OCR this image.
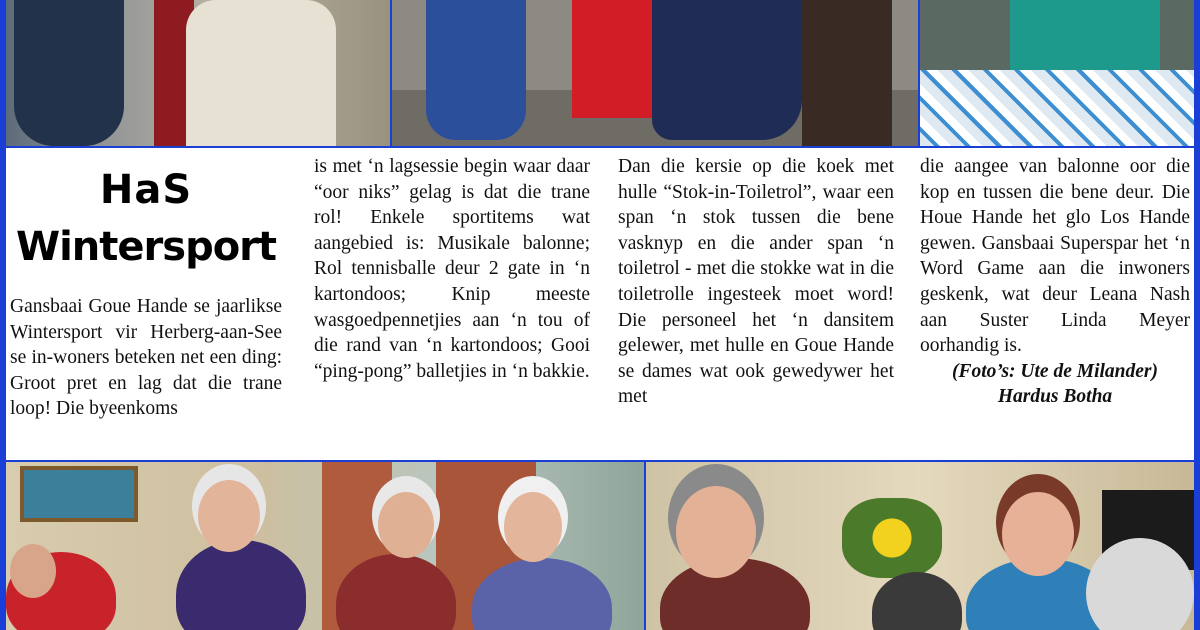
HaS
Wintersport
Gansbaai Goue Hande se jaarlikse Wintersport vir Herberg-aan-See se in-woners beteken net een ding: Groot pret en lag dat die trane loop! Die byeenkoms
is met ‘n lagsessie begin waar daar “oor niks” gelag is dat die trane rol! Enkele sportitems wat aangebied is: Musikale balonne; Rol tennisballe deur 2 gate in ‘n kartondoos; Knip meeste wasgoedpennetjies aan ‘n tou of die rand van ‘n kartondoos; Gooi “ping-pong” balletjies in ‘n bakkie.
Dan die kersie op die koek met hulle “Stok-in-Toiletrol”, waar een span ‘n stok tussen die bene vasknyp en die ander span ‘n toiletrol - met die stokke wat in die toiletrolle ingesteek moet word! Die personeel het ‘n dansitem gelewer, met hulle en Goue Hande se dames wat ook gewedywer het met
die aangee van balonne oor die kop en tussen die bene deur. Die Houe Hande het glo Los Hande gewen. Gansbaai Superspar het ‘n Word Game aan die inwoners geskenk, wat deur Leana Nash aan Suster Linda Meyer oorhandig is.
(Foto’s: Ute de Milander)
Hardus Botha
